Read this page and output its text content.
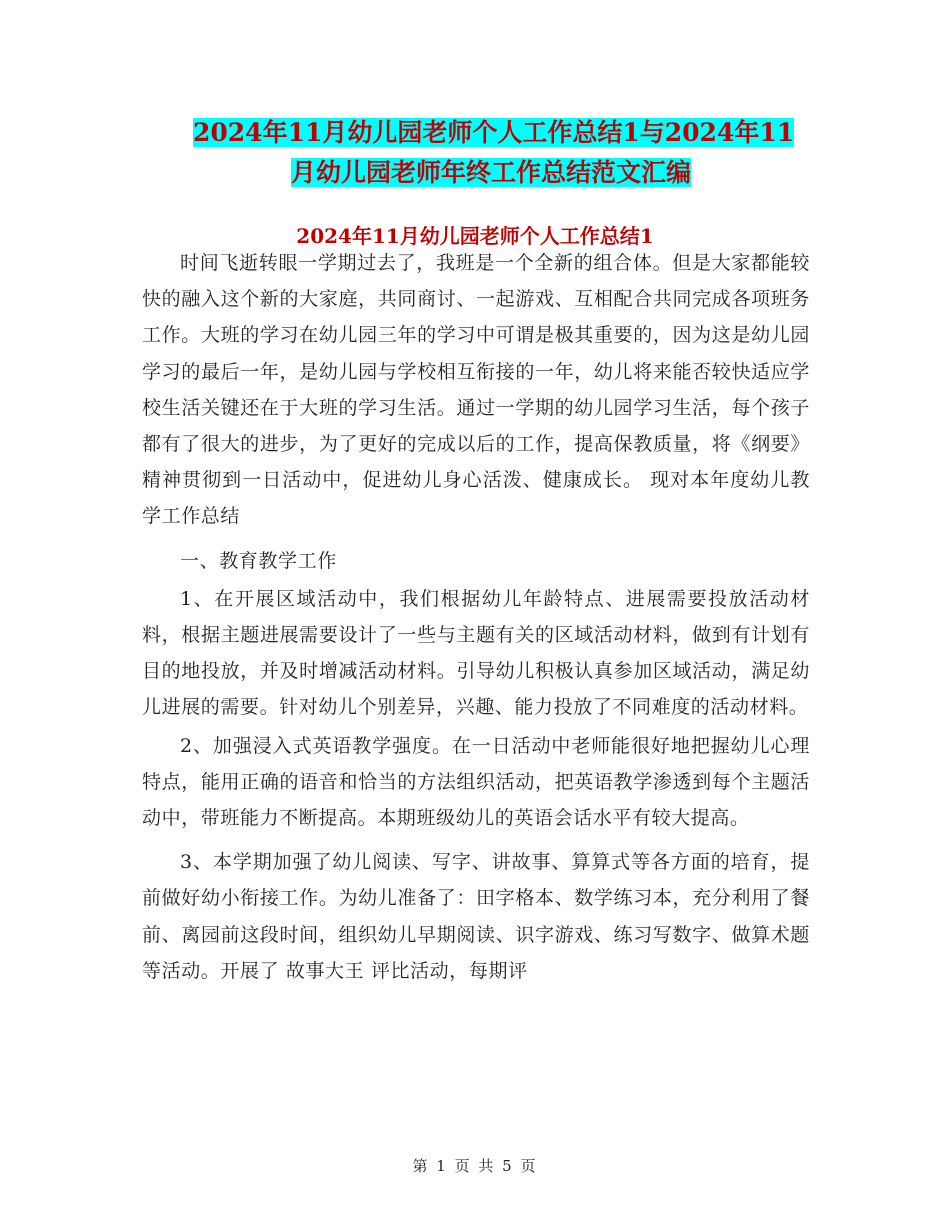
2024年11月幼儿园老师个人工作总结1与2024年11
月幼儿园老师年终工作总结范文汇编
2024年11月幼儿园老师个人工作总结1

时间飞逝转眼一学期过去了，我班是一个全新的组合体。但是大家都能较快的融入这个新的大家庭，共同商讨、一起游戏、互相配合共同完成各项班务工作。大班的学习在幼儿园三年的学习中可谓是极其重要的，因为这是幼儿园学习的最后一年，是幼儿园与学校相互衔接的一年，幼儿将来能否较快适应学校生活关键还在于大班的学习生活。通过一学期的幼儿园学习生活，每个孩子都有了很大的进步，为了更好的完成以后的工作，提高保教质量，将《纲要》精神贯彻到一日活动中，促进幼儿身心活泼、健康成长。 现对本年度幼儿教学工作总结

一、教育教学工作

1、在开展区域活动中，我们根据幼儿年龄特点、进展需要投放活动材料，根据主题进展需要设计了一些与主题有关的区域活动材料，做到有计划有目的地投放，并及时增减活动材料。引导幼儿积极认真参加区域活动，满足幼儿进展的需要。针对幼儿个别差异，兴趣、能力投放了不同难度的活动材料。

2、加强浸入式英语教学强度。在一日活动中老师能很好地把握幼儿心理特点，能用正确的语音和恰当的方法组织活动，把英语教学渗透到每个主题活动中，带班能力不断提高。本期班级幼儿的英语会话水平有较大提高。

3、本学期加强了幼儿阅读、写字、讲故事、算算式等各方面的培育，提前做好幼小衔接工作。为幼儿准备了：田字格本、数学练习本，充分利用了餐前、离园前这段时间，组织幼儿早期阅读、识字游戏、练习写数字、做算术题等活动。开展了 故事大王 评比活动，每期评

第 1 页 共 5 页
